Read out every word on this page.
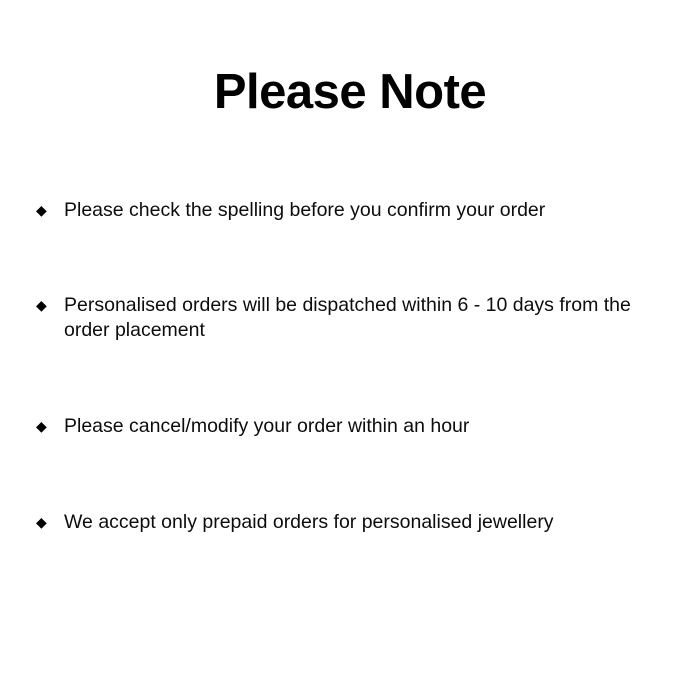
Please Note
◆ Please check the spelling before you confirm your order
◆ Personalised orders will be dispatched within 6 - 10 days from the order placement
◆ Please cancel/modify your order within an hour
◆ We accept only prepaid orders for personalised jewellery
